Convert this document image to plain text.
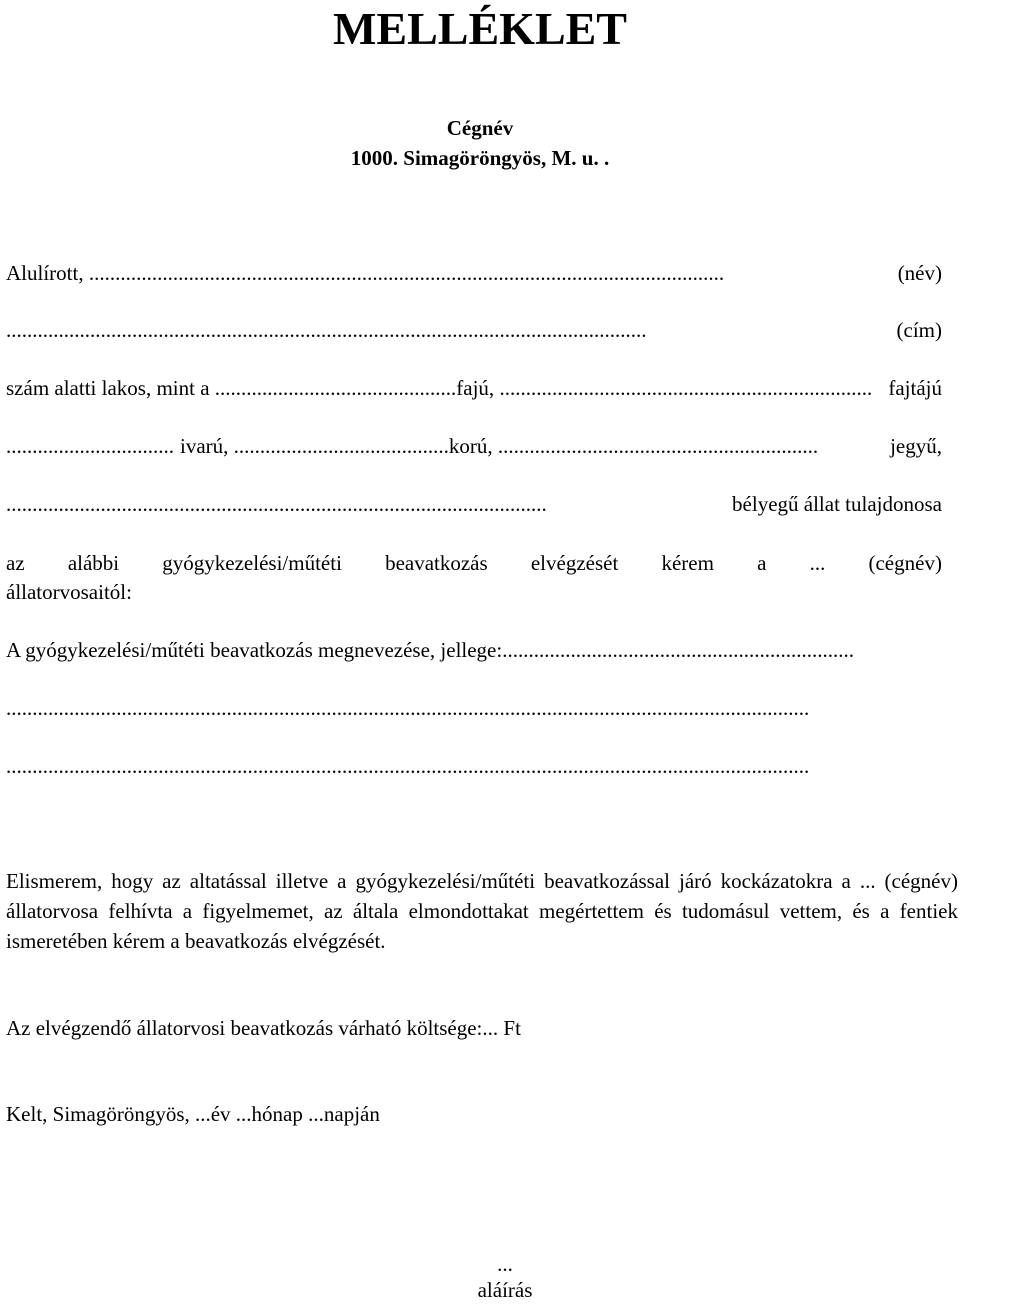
MELLÉKLET
Cégnév
1000. Simagöröngyös, M. u. .
Alulírott, .........................................................................................................................	(név)
..........................................................................................................................	(cím)
szám alatti lakos, mint a .............................................. fajú, ....................................................................... fajtájú
................................ ivarú, ......................................... korú, .............................................................	jegyű,
.......................................................................................................	bélyegű állat tulajdonosa
az alábbi gyógykezelési/műtéti beavatkozás elvégzését kérem a ... (cégnév)
állatorvosaitól:
A gyógykezelési/műtéti beavatkozás megnevezése, jellege: ...................................................................
.........................................................................................................................................................
.........................................................................................................................................................
Elismerem, hogy az altatással illetve a gyógykezelési/műtéti beavatkozással járó kockázatokra a ... (cégnév) állatorvosa felhívta a figyelmemet, az általa elmondottakat megértettem és tudomásul vettem, és a fentiek ismeretében kérem a beavatkozás elvégzését.
Az elvégzendő állatorvosi beavatkozás várható költsége:... Ft
Kelt, Simagöröngyös, ...év ...hónap ...napján
...
aláírás
